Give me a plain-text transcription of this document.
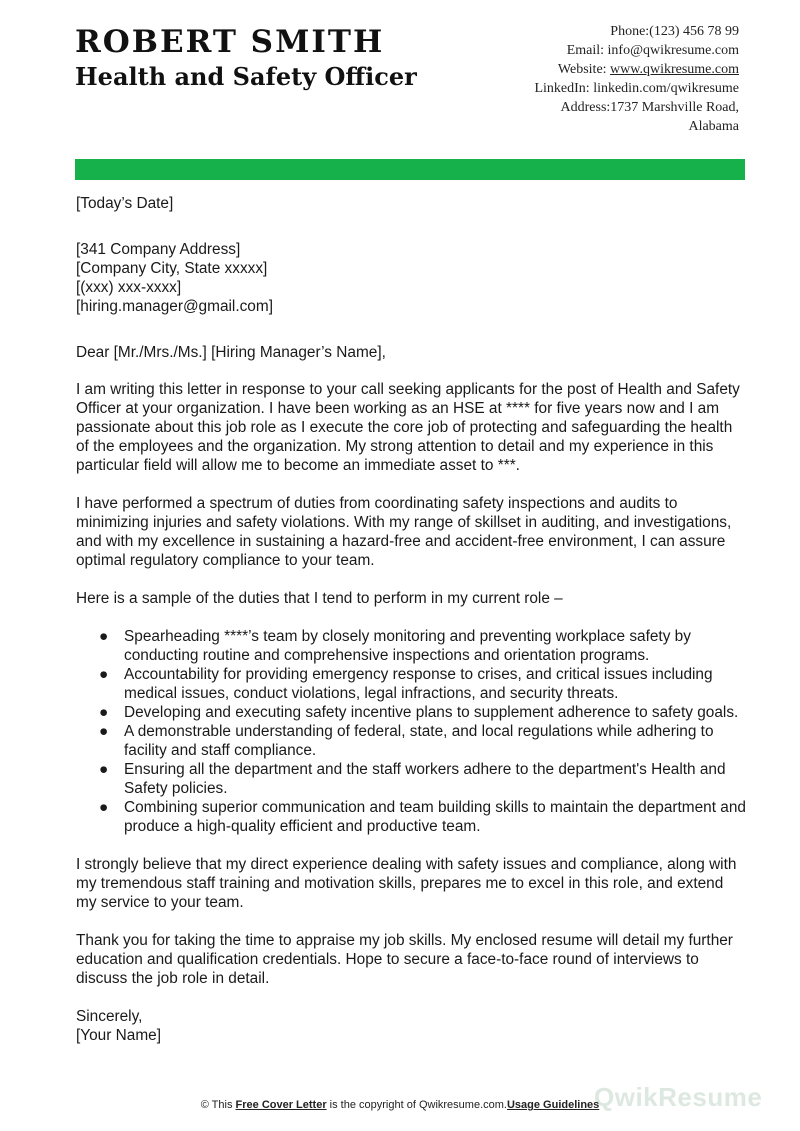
ROBERT SMITH
Health and Safety Officer
Phone:(123) 456 78 99
Email: info@qwikresume.com
Website: www.qwikresume.com
LinkedIn: linkedin.com/qwikresume
Address:1737 Marshville Road,
Alabama

[Today’s Date]

[341 Company Address]

[Company City, State xxxxx]

[(xxx) xxx-xxxx]

[hiring.manager@gmail.com]

Dear [Mr./Mrs./Ms.] [Hiring Manager’s Name],

I am writing this letter in response to your call seeking applicants for the post of Health and Safety Officer at your organization. I have been working as an HSE at **** for five years now and I am passionate about this job role as I execute the core job of protecting and safeguarding the health of the employees and the organization. My strong attention to detail and my experience in this particular field will allow me to become an immediate asset to ***.

I have performed a spectrum of duties from coordinating safety inspections and audits to minimizing injuries and safety violations. With my range of skillset in auditing, and investigations, and with my excellence in sustaining a hazard-free and accident-free environment, I can assure optimal regulatory compliance to your team.

Here is a sample of the duties that I tend to perform in my current role –

● Spearheading ****’s team by closely monitoring and preventing workplace safety by conducting routine and comprehensive inspections and orientation programs.
● Accountability for providing emergency response to crises, and critical issues including medical issues, conduct violations, legal infractions, and security threats.
● Developing and executing safety incentive plans to supplement adherence to safety goals.
● A demonstrable understanding of federal, state, and local regulations while adhering to facility and staff compliance.
● Ensuring all the department and the staff workers adhere to the department's Health and Safety policies.
● Combining superior communication and team building skills to maintain the department and produce a high-quality efficient and productive team.

I strongly believe that my direct experience dealing with safety issues and compliance, along with my tremendous staff training and motivation skills, prepares me to excel in this role, and extend my service to your team.

Thank you for taking the time to appraise my job skills. My enclosed resume will detail my further education and qualification credentials. Hope to secure a face-to-face round of interviews to discuss the job role in detail.

Sincerely,

[Your Name]

QwikResume
© This Free Cover Letter is the copyright of Qwikresume.com.Usage Guidelines
